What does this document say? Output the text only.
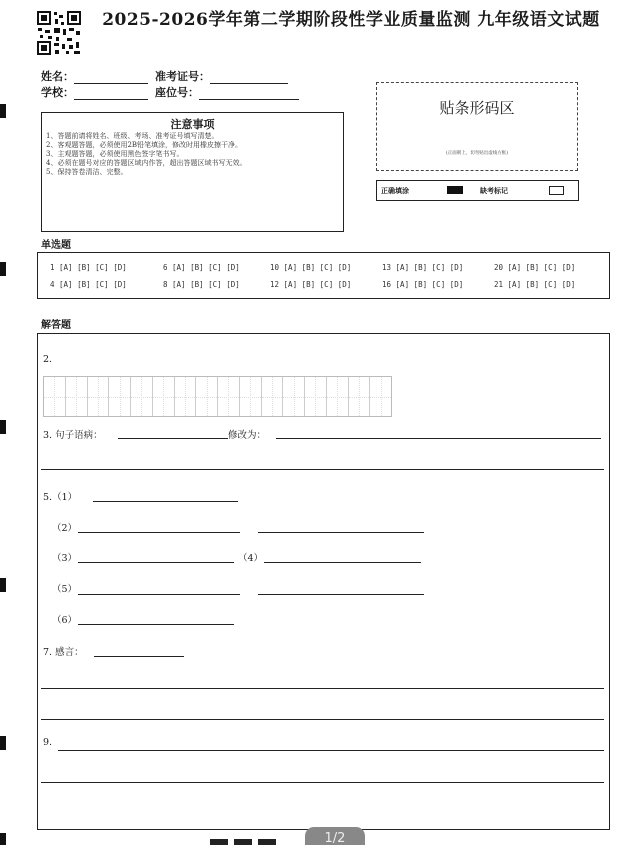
2025-2026学年第二学期阶段性学业质量监测 九年级语文试题
姓名：	准考证号：
学校：	座位号：
注意事项
1、答题前请将姓名、班级、考场、准考证号填写清楚。
2、客观题答题，必须使用2B铅笔填涂，修改时用橡皮擦干净。
3、主观题答题，必须使用黑色签字笔书写。
4、必须在题号对应的答题区域内作答，超出答题区域书写无效。
5、保持答卷清洁、完整。
贴条形码区
(正面朝上，切勿贴出虚线方框)
正确填涂	缺考标记
单选题
1 [A] [B] [C] [D]	6 [A] [B] [C] [D]	10 [A] [B] [C] [D]	13 [A] [B] [C] [D]	20 [A] [B] [C] [D]
4 [A] [B] [C] [D]	8 [A] [B] [C] [D]	12 [A] [B] [C] [D]	16 [A] [B] [C] [D]	21 [A] [B] [C] [D]
解答题
2.
3. 句子语病：	修改为：
5.（1）
（2）
（3）	（4）
（5）
（6）
7. 感言：
9.
1/2
